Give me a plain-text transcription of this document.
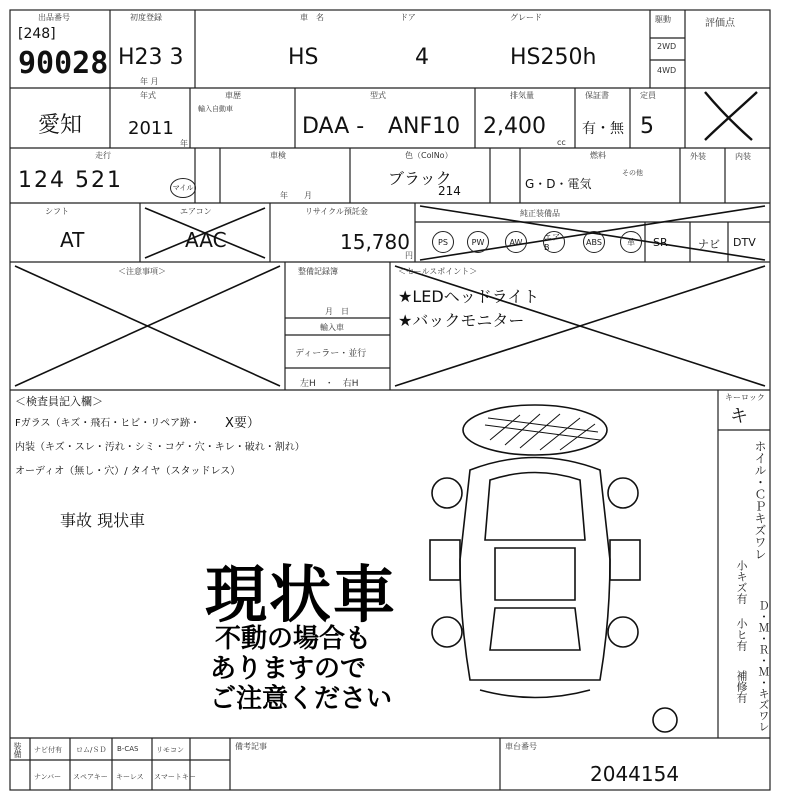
出品番号
[248]
90028
初度登録
H23 3
年 月
車　名
HS
ドア
4
グレード
HS250h
駆動
2WD
4WD
評価点
愛知
年式
2011
年
車歴
輸入自動車
型式
DAA - ANF10
排気量
2,400
cc
保証書
有・無
定員
5
走行
124 521	マイル
車検
年　　月
色（ColNo）
ブラック
214
燃料
G・D・電気
その他
外装	内装
シフト
AT
エアコン
AAC
リサイクル預託金
15,780
円
純正装備品
PS	PW	AW	エアB
ABS	革	SR	ナビ DTV
＜注意事項＞	整備記録簿
月　日
輸入車
ディーラー・並行
左H　・　右H
＜セールスポイント＞
★LEDヘッドライト
★バックモニター
＜検査員記入欄＞
Fガラス（キズ・飛石・ヒビ・リペア跡・ X要）
内装（キズ・スレ・汚れ・シミ・コゲ・穴・キレ・破れ・割れ）
オーディオ（無し・穴）/ タイヤ（スタッドレス）
事故 現状車
キーロック
キ
現状車
不動の場合も
ありますので
ご注意ください
ホイル・ＣＰキズワレ
小キズ有
Ｄ・Ｍ・Ｒ・Ｍ・キズワレ
小ヒ有
補修有
装備 ナビ付有 ロム/ＳＤ B-CAS	リモコン
ナンバー スペアキー キーレス スマートキー
備考記事	車台番号
2044154
